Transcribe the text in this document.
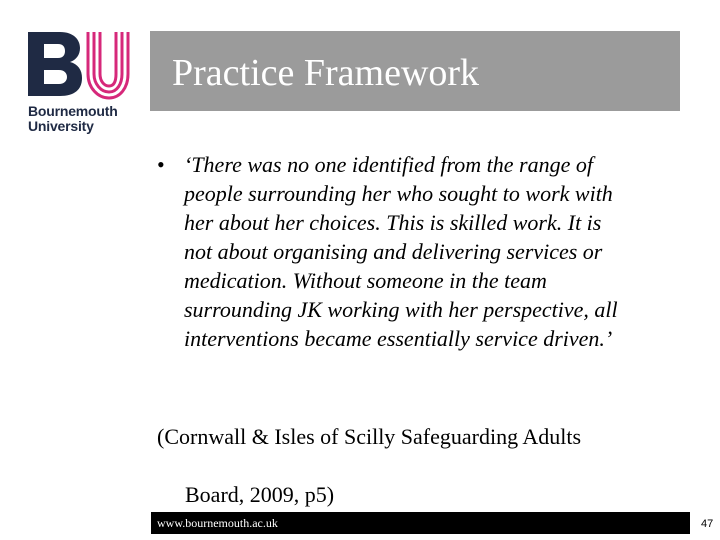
Bournemouth
University
Practice Framework
• ‘There was no one identified from the range of
people surrounding her who sought to work with
her about her choices. This is skilled work. It is
not about organising and delivering services or
medication. Without someone in the team
surrounding JK working with her perspective, all
interventions became essentially service driven.’

(Cornwall & Isles of Scilly Safeguarding Adults

Board, 2009, p5)

www.bournemouth.ac.uk	47
